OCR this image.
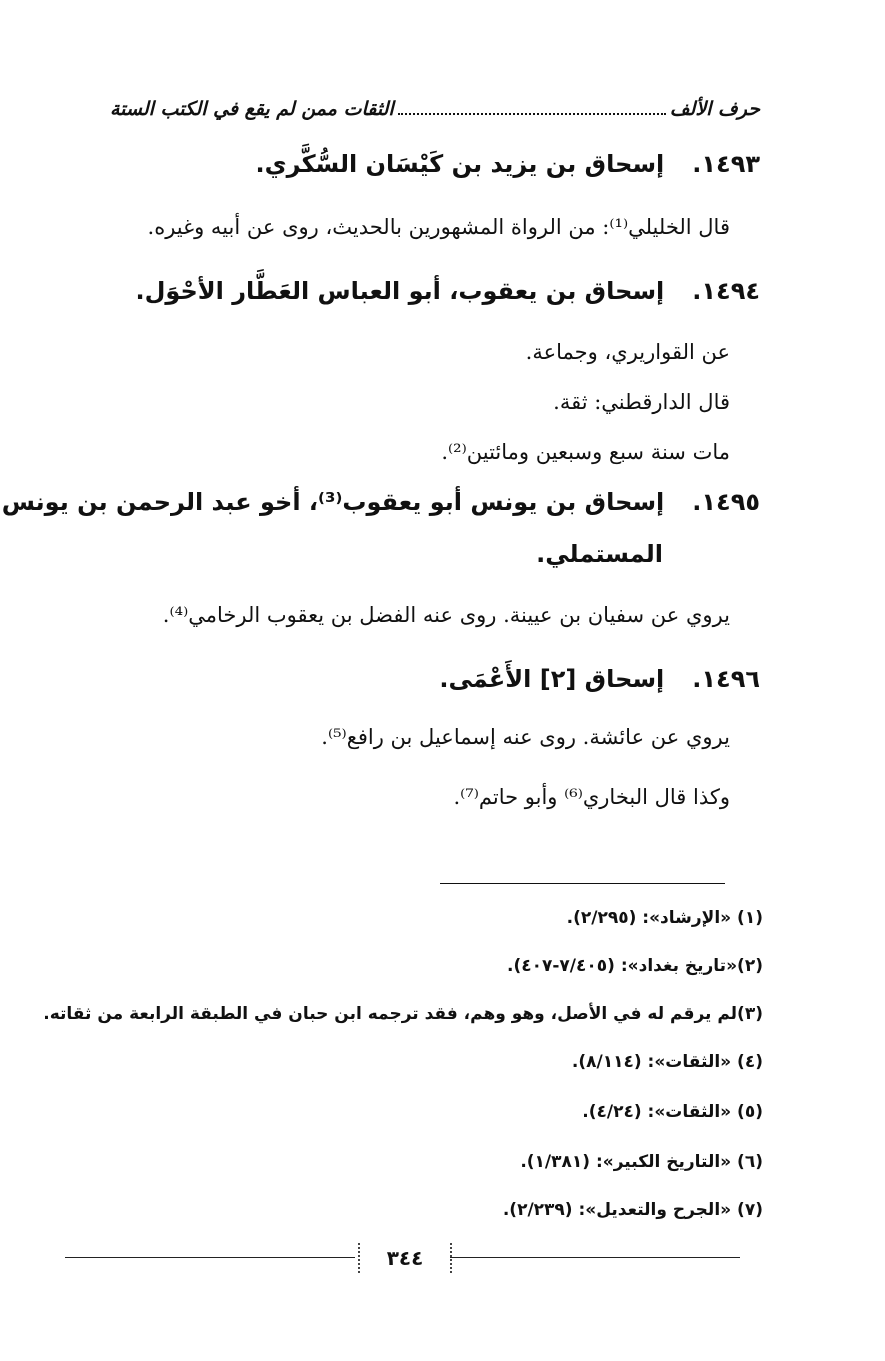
حرف الألف
الثقات ممن لم يقع في الكتب الستة
١٤٩٣.إسحاق بن يزيد بن كَيْسَان السُّكَّري.
قال الخليلي⁽¹⁾: من الرواة المشهورين بالحديث، روى عن أبيه وغيره.
١٤٩٤.إسحاق بن يعقوب، أبو العباس العَطَّار الأحْوَل.
عن القواريري، وجماعة.
قال الدارقطني: ثقة.
مات سنة سبع وسبعين ومائتين⁽²⁾.
١٤٩٥.إسحاق بن يونس أبو يعقوب⁽³⁾، أخو عبد الرحمن بن يونس
المستملي.
يروي عن سفيان بن عيينة. روى عنه الفضل بن يعقوب الرخامي⁽⁴⁾.
١٤٩٦.إسحاق [٢] الأَعْمَى.
يروي عن عائشة. روى عنه إسماعيل بن رافع⁽⁵⁾.
وكذا قال البخاري⁽⁶⁾ وأبو حاتم⁽⁷⁾.
(١) «الإرشاد»: (٢/٢٩٥).
(٢)«تاريخ بغداد»: (٧/٤٠٥-٤٠٧).
(٣)لم يرقم له في الأصل، وهو وهم، فقد ترجمه ابن حبان في الطبقة الرابعة من ثقاته.
(٤) «الثقات»: (٨/١١٤).
(٥) «الثقات»: (٤/٢٤).
(٦) «التاريخ الكبير»: (١/٣٨١).
(٧) «الجرح والتعديل»: (٢/٢٣٩).
٣٤٤
